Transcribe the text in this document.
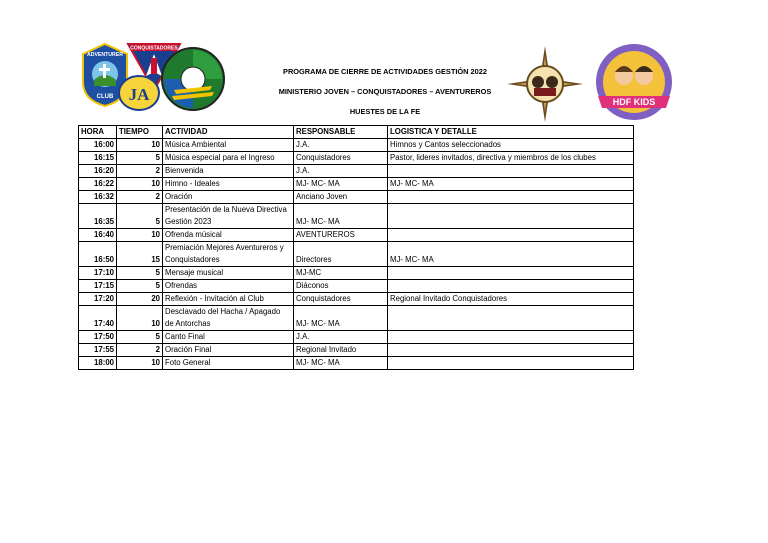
ADVENTURER
CLUB
CONQUISTADORES
JA
PROGRAMA DE CIERRE DE ACTIVIDADES GESTIÓN 2022
MINISTERIO JOVEN – CONQUISTADORES – AVENTUREROS
HUESTES DE LA FE
HDF KIDS
HORA	TIEMPO	ACTIVIDAD	RESPONSABLE	LOGISTICA Y DETALLE
16:00	10	Música Ambiental	J.A.	Himnos y Cantos seleccionados
16:15	5	Música especial para el Ingreso	Conquistadores	Pastor, lideres invitados, directiva y miembros de los clubes
16:20	2	Bienvenida	J.A.	
16:22	10	Himno - Ideales	MJ- MC- MA	MJ- MC- MA
16:32	2	Oración	Anciano Joven	
16:35	5	Presentación de la Nueva Directiva Gestión 2023	MJ- MC- MA	
16:40	10	Ofrenda músical	AVENTUREROS	
16:50	15	Premiación Mejores Aventureros y Conquistadores	Directores	MJ- MC- MA
17:10	5	Mensaje musical	MJ-MC	
17:15	5	Ofrendas	Diáconos	
17:20	20	Reflexión - Invitación al Club	Conquistadores	Regional Invitado Conquistadores
17:40	10	Desclavado del Hacha / Apagado de Antorchas	MJ- MC- MA	
17:50	5	Canto Final	J.A.	
17:55	2	Oración Final	Regional Invitado	
18:00	10	Foto General	MJ- MC- MA	
